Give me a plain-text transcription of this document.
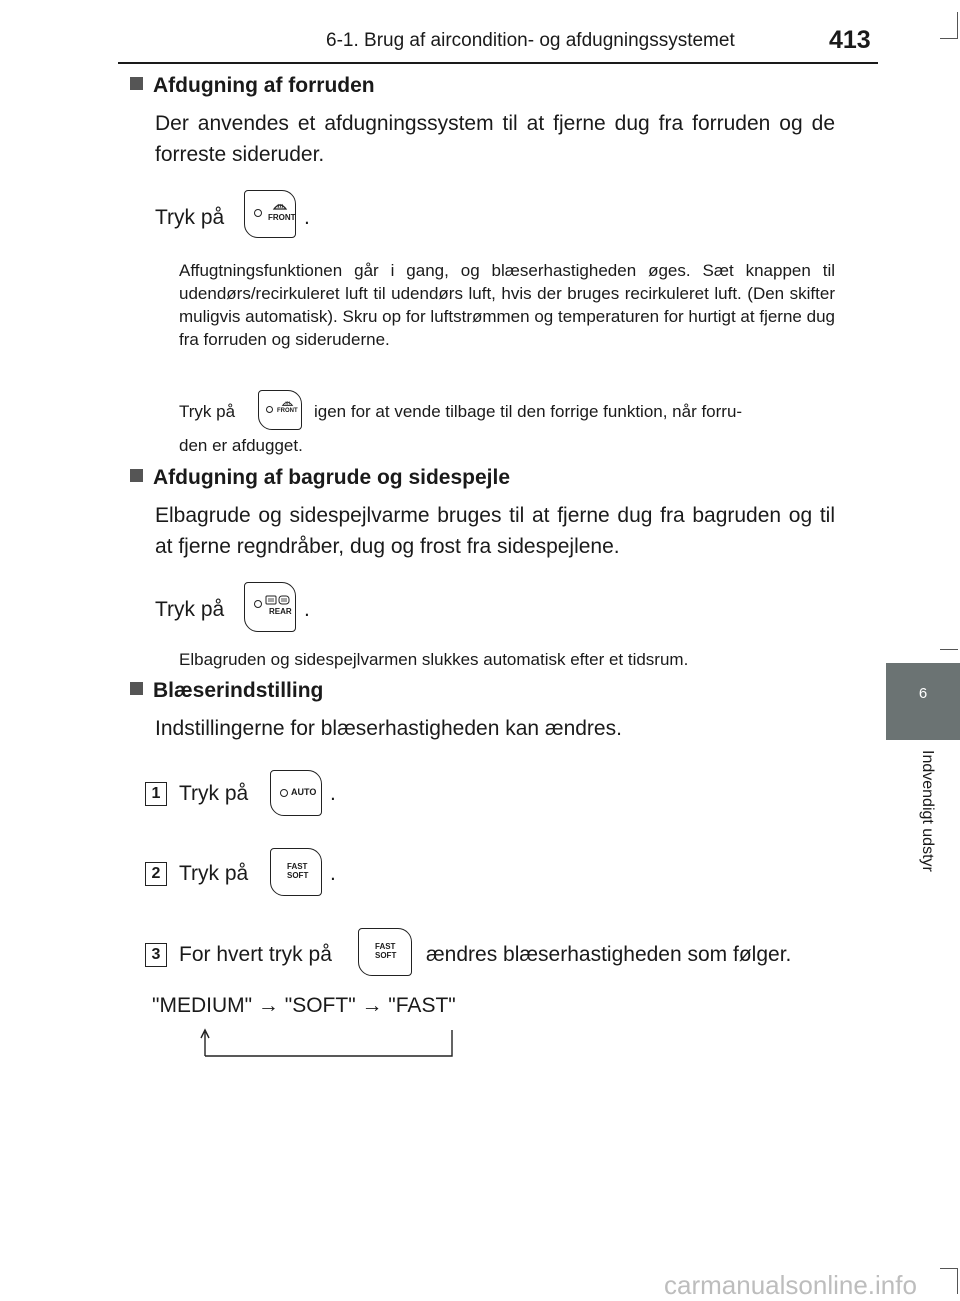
6-1. Brug af aircondition- og afdugningssystemet	413
6
Indvendigt udstyr
Afdugning af forruden
Der anvendes et afdugningssystem til at fjerne dug fra forruden og de forreste sideruder.
Tryk på	FRONT .
Affugtningsfunktionen går i gang, og blæserhastigheden øges. Sæt knappen til udendørs/recirkuleret luft til udendørs luft, hvis der bruges recirkuleret luft. (Den skifter muligvis automatisk). Skru op for luftstrømmen og temperaturen for hurtigt at fjerne dug fra forruden og sideruderne.
Tryk på	FRONT igen for at vende tilbage til den forrige funktion, når forru-
den er afdugget.
Afdugning af bagrude og sidespejle
Elbagrude og sidespejlvarme bruges til at fjerne dug fra bagruden og til at fjerne regndråber, dug og frost fra sidespejlene.
Tryk på	REAR .
Elbagruden og sidespejlvarmen slukkes automatisk efter et tidsrum.
Blæserindstilling
Indstillingerne for blæserhastigheden kan ændres.
1 Tryk på	AUTO .
2 Tryk på	FAST SOFT .
3 For hvert tryk på	FAST SOFT ændres blæserhastigheden som følger.
"MEDIUM" → "SOFT" → "FAST"
carmanualsonline.info
